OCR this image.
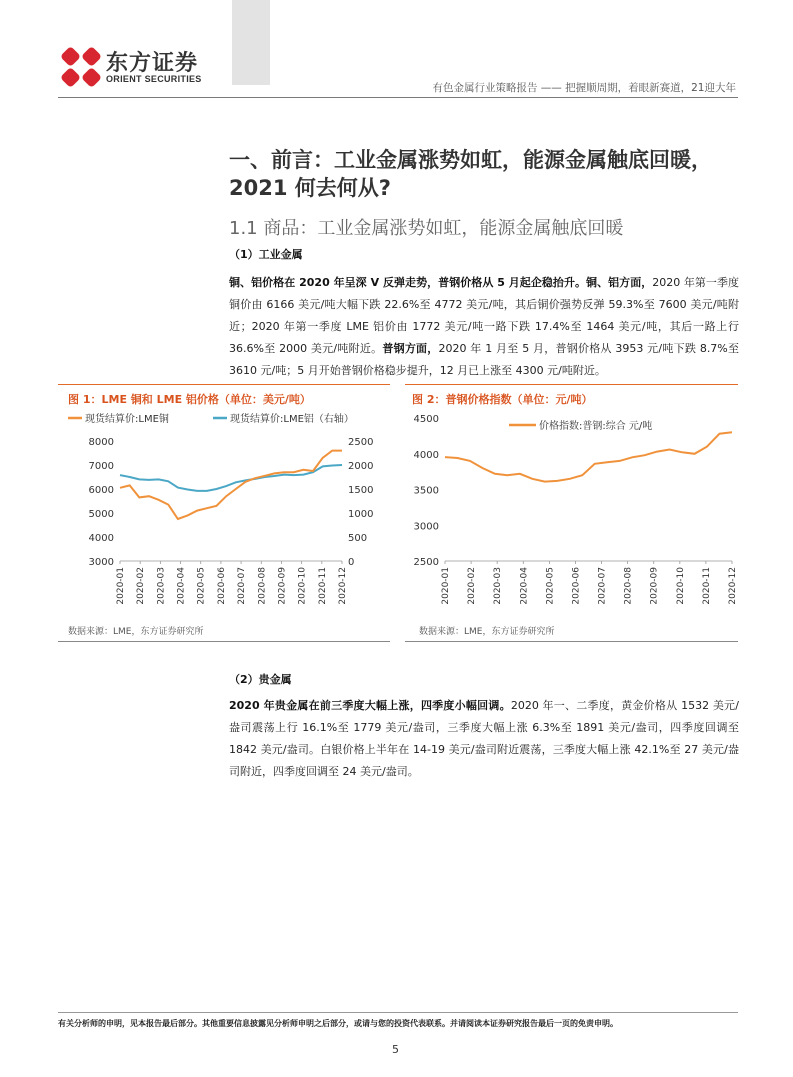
东方证券
ORIENT SECURITIES
有色金属行业策略报告 —— 把握顺周期，着眼新赛道，21迎大年
一、前言：工业金属涨势如虹，能源金属触底回暖，
2021 何去何从?
1.1 商品：工业金属涨势如虹，能源金属触底回暖
（1）工业金属
铜、铝价格在 2020 年呈深 V 反弹走势，普钢价格从 5 月起企稳抬升。铜、铝方面，2020 年第一季度铜价由 6166 美元/吨大幅下跌 22.6%至 4772 美元/吨，其后铜价强势反弹 59.3%至 7600 美元/吨附近；2020 年第一季度 LME 铝价由 1772 美元/吨一路下跌 17.4%至 1464 美元/吨，其后一路上行 36.6%至 2000 美元/吨附近。普钢方面，2020 年 1 月至 5 月，普钢价格从 3953 元/吨下跌 8.7%至 3610 元/吨；5 月开始普钢价格稳步提升，12 月已上涨至 4300 元/吨附近。
图 1：LME 铜和 LME 铝价格（单位：美元/吨）
3000
4000
5000
6000
7000
8000
0
500
1000
1500
2000
2500
2020-01 2020-02 2020-03 2020-04 2020-05 2020-06 2020-07 2020-08 2020-09 2020-10 2020-11 2020-12
现货结算价:LME铜	现货结算价:LME铝（右轴）
数据来源：LME，东方证券研究所
图 2：普钢价格指数（单位：元/吨）
2500
3000
3500
4000
4500
2020-01 2020-02 2020-03 2020-04 2020-05 2020-06 2020-07 2020-08 2020-09 2020-10 2020-11 2020-12
价格指数:普钢:综合 元/吨
数据来源：LME，东方证券研究所
（2）贵金属
2020 年贵金属在前三季度大幅上涨，四季度小幅回调。2020 年一、二季度，黄金价格从 1532 美元/盎司震荡上行 16.1%至 1779 美元/盎司，三季度大幅上涨 6.3%至 1891 美元/盎司，四季度回调至 1842 美元/盎司。白银价格上半年在 14-19 美元/盎司附近震荡，三季度大幅上涨 42.1%至 27 美元/盎司附近，四季度回调至 24 美元/盎司。
有关分析师的申明，见本报告最后部分。其他重要信息披露见分析师申明之后部分，或请与您的投资代表联系。并请阅读本证券研究报告最后一页的免责申明。
5
